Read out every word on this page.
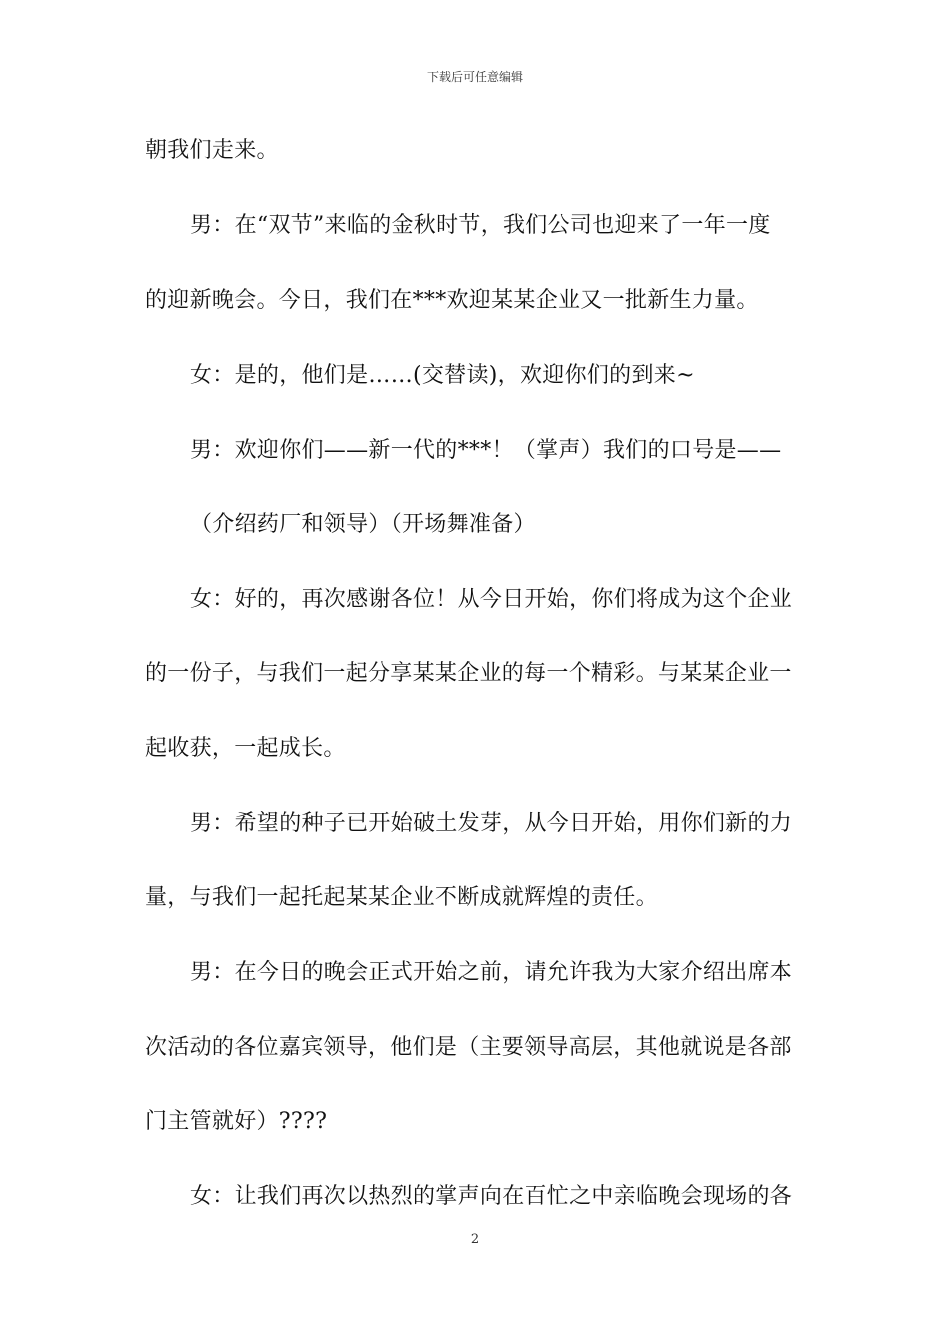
下载后可任意编辑
朝我们走来。
男：在“双节”来临的金秋时节，我们公司也迎来了一年一度
的迎新晚会。今日，我们在***欢迎某某企业又一批新生力量。
女：是的，他们是……(交替读)，欢迎你们的到来~
男：欢迎你们——新一代的***！（掌声）我们的口号是——
（介绍药厂和领导）（开场舞准备）
女：好的，再次感谢各位！从今日开始，你们将成为这个企业
的一份子，与我们一起分享某某企业的每一个精彩。与某某企业一
起收获，一起成长。
男：希望的种子已开始破土发芽，从今日开始，用你们新的力
量，与我们一起托起某某企业不断成就辉煌的责任。
男：在今日的晚会正式开始之前，请允许我为大家介绍出席本
次活动的各位嘉宾领导，他们是（主要领导高层，其他就说是各部
门主管就好）????
女：让我们再次以热烈的掌声向在百忙之中亲临晚会现场的各
2
